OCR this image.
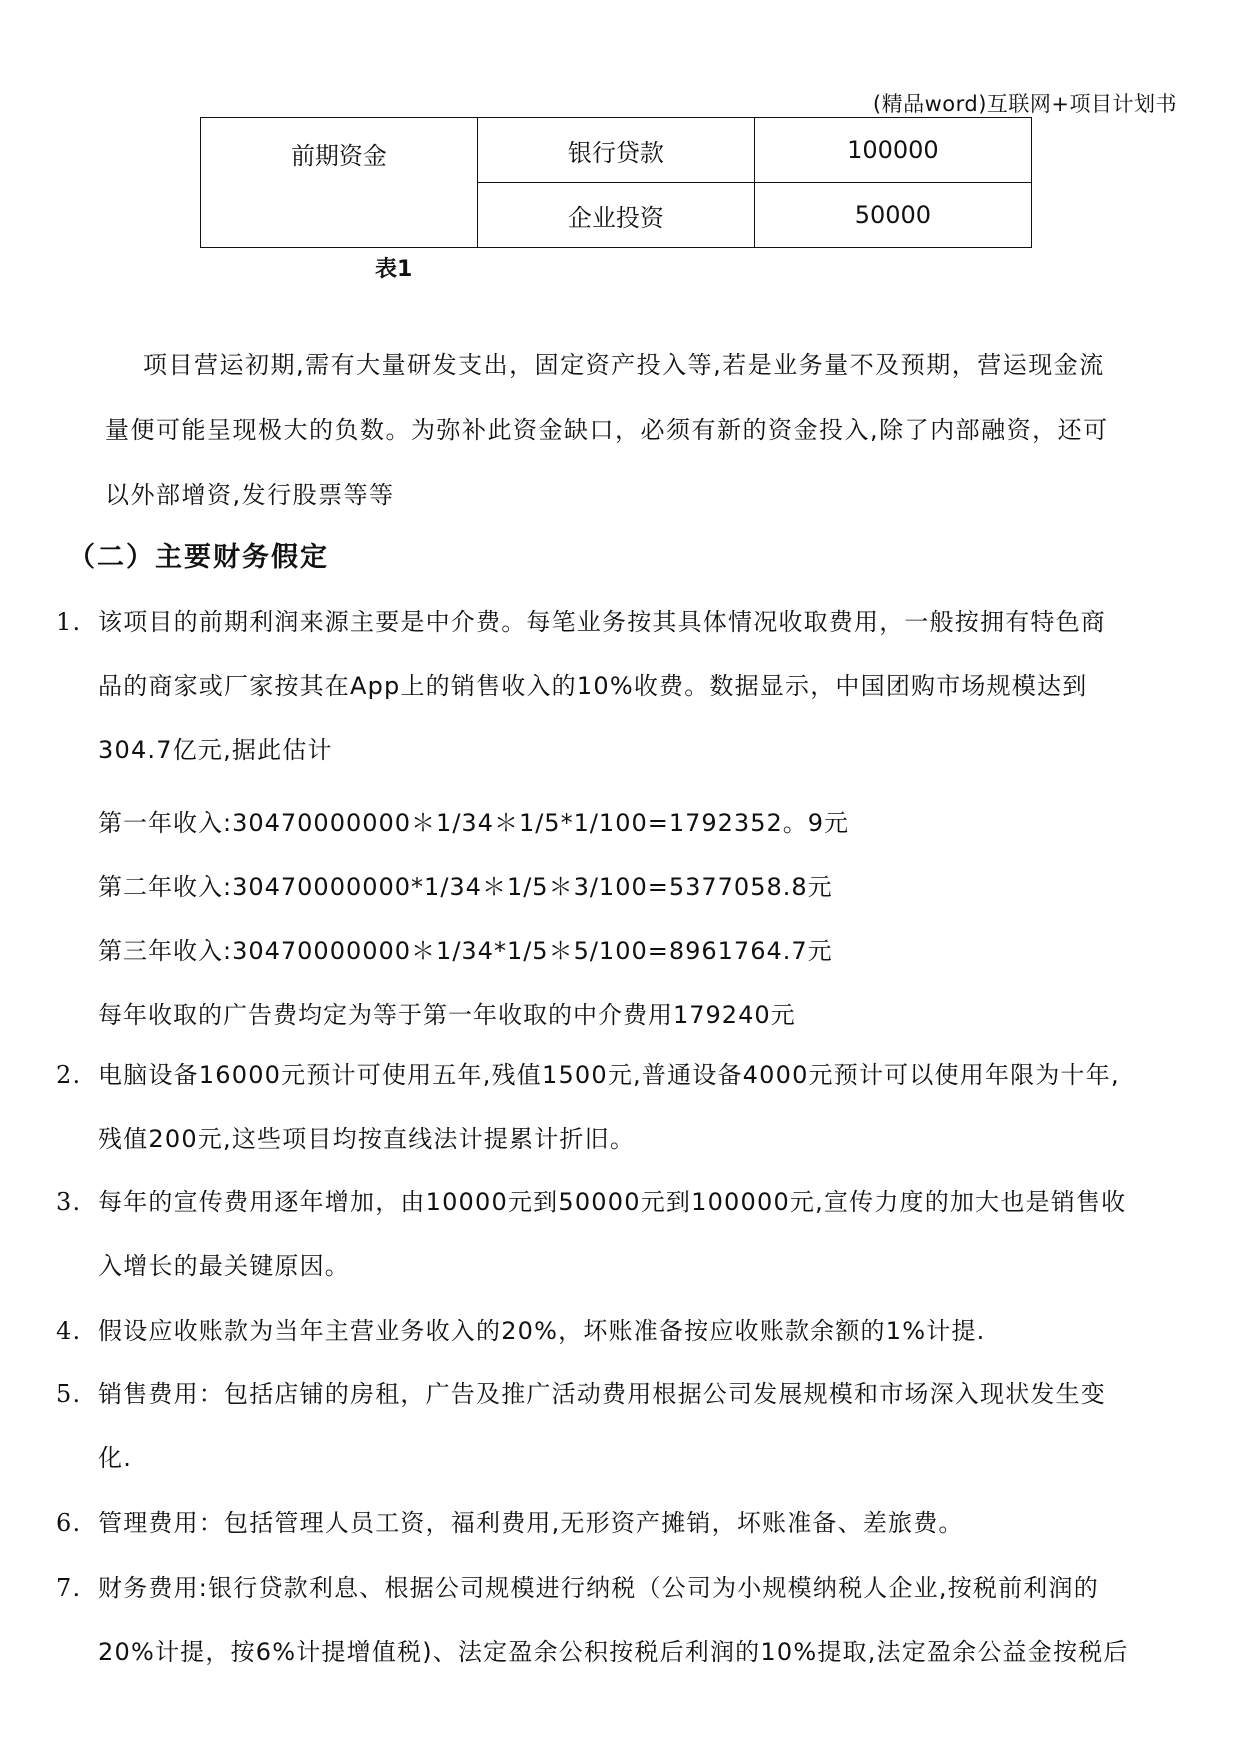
(精品word)互联网+项目计划书
前期资金	银行贷款	100000
	企业投资	50000
表1
项目营运初期,需有大量研发支出，固定资产投入等,若是业务量不及预期，营运现金流
量便可能呈现极大的负数。为弥补此资金缺口，必须有新的资金投入,除了内部融资，还可
以外部增资,发行股票等等
（二）主要财务假定
1. 该项目的前期利润来源主要是中介费。每笔业务按其具体情况收取费用，一般按拥有特色商
品的商家或厂家按其在App上的销售收入的10%收费。数据显示，中国团购市场规模达到
304.7亿元,据此估计
第一年收入:30470000000＊1/34＊1/5*1/100=1792352。9元
第二年收入:30470000000*1/34＊1/5＊3/100=5377058.8元
第三年收入:30470000000＊1/34*1/5＊5/100=8961764.7元
每年收取的广告费均定为等于第一年收取的中介费用179240元
2. 电脑设备16000元预计可使用五年,残值1500元,普通设备4000元预计可以使用年限为十年,
残值200元,这些项目均按直线法计提累计折旧。
3. 每年的宣传费用逐年增加，由10000元到50000元到100000元,宣传力度的加大也是销售收
入增长的最关键原因。
4. 假设应收账款为当年主营业务收入的20%，坏账准备按应收账款余额的1%计提.
5. 销售费用：包括店铺的房租，广告及推广活动费用根据公司发展规模和市场深入现状发生变
化.
6. 管理费用：包括管理人员工资，福利费用,无形资产摊销，坏账准备、差旅费。
7. 财务费用:银行贷款利息、根据公司规模进行纳税（公司为小规模纳税人企业,按税前利润的
20%计提，按6%计提增值税)、法定盈余公积按税后利润的10%提取,法定盈余公益金按税后
